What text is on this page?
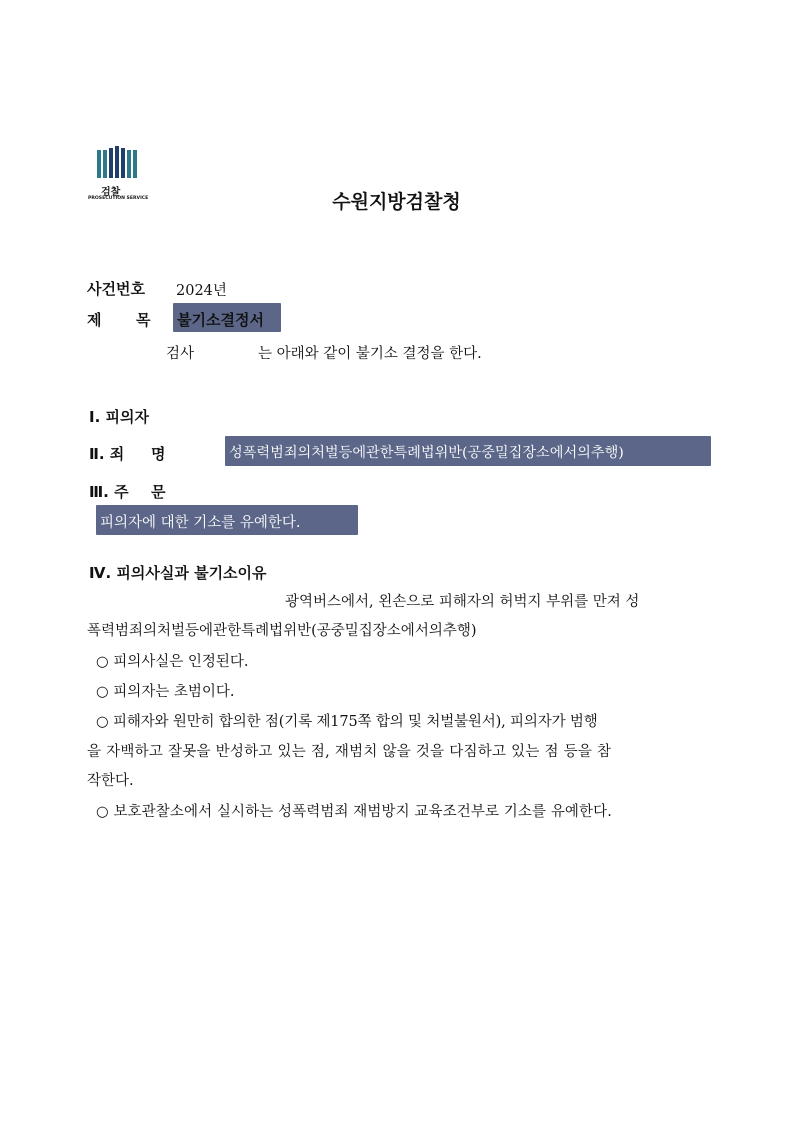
검찰
PROSECUTION SERVICE	수원지방검찰청
사건번호 2024년
제 목 불기소결정서
검사	는 아래와 같이 불기소 결정을 한다.
Ⅰ. 피의자
Ⅱ. 죄 명	성폭력범죄의처벌등에관한특례법위반(공중밀집장소에서의추행)
Ⅲ. 주 문
피의자에 대한 기소를 유예한다.
Ⅳ. 피의사실과 불기소이유
광역버스에서, 왼손으로 피해자의 허벅지 부위를 만져 성
폭력범죄의처벌등에관한특례법위반(공중밀집장소에서의추행)
○ 피의사실은 인정된다.
○ 피의자는 초범이다.
○ 피해자와 원만히 합의한 점(기록 제175쪽 합의 및 처벌불원서), 피의자가 범행
을 자백하고 잘못을 반성하고 있는 점, 재범치 않을 것을 다짐하고 있는 점 등을 참
작한다.
○ 보호관찰소에서 실시하는 성폭력범죄 재범방지 교육조건부로 기소를 유예한다.
